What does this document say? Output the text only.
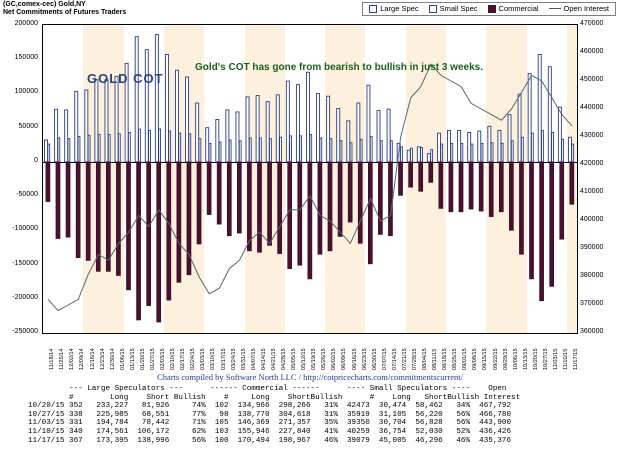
(GC,comex-cec) Gold,NY
Net Commitments of Futures Traders	Large Spec	Small Spec	Commercial	Open Interest
GOLD COT
Gold's COT has gone from bearish to bullish in just 3 weeks.
-250000
-200000
-150000
-100000
-50000
0
50000
100000
150000
200000
360000
370000
380000
390000
400000
410000
420000
430000
440000
450000
460000
470000
11/18/14 11/25/14 12/02/14 12/09/14 12/16/14 12/23/14 12/30/14 01/06/15 01/13/15 01/20/15 01/27/15 02/03/15 02/10/15 02/17/15 02/24/15 03/03/15 03/10/15 03/17/15 03/24/15 03/31/15 04/07/15 04/14/15 04/21/15 04/28/15 05/05/15 05/12/15 05/19/15 05/26/15 06/02/15 06/09/15 06/16/15 06/23/15 06/30/15 07/07/15 07/14/15 07/21/15 07/28/15 08/04/15 08/11/15 08/18/15 08/25/15 09/01/15 09/08/15 09/15/15 09/22/15 09/29/15 10/06/15 10/13/15 10/20/15 10/27/15 11/03/15 11/10/15 11/17/15
Charts compiled by Software North LLC / http://cotpricecharts.com/commitmentscurrent/
--- Large Speculators ---      ------ Commercial ------      ---- Small Speculators ----    Open
#        Long    Short Bullish    #     Long    ShortBullish      #    Long   ShortBullish Interest
10/20/15 352   233,227   81,926     74%  102  134,966  298,266   31%  42473  30,474  58,462   34%  467,792
10/27/15 338   225,985   68,551     77%   98  138,770  304,618   31%  35919  31,105  56,220   56%  466,780
11/03/15 331   194,784   78,442     71%  105  146,369  271,357   35%  39350  30,704  56,828   56%  443,900
11/10/15 340   174,561  106,172     62%  103  155,946  227,840   41%  40259  36,754  52,030   52%  436,426
11/17/15 367   173,395  138,996     56%  100  170,494  198,967   46%  39079  45,005  46,296   46%  435,376
